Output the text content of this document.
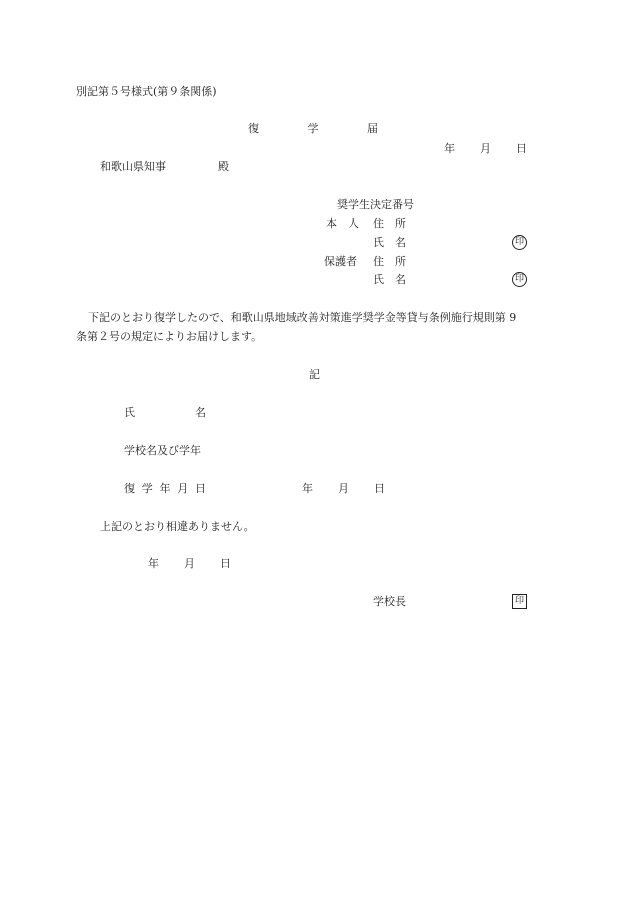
別記第５号様式(第９条関係)
復	学	届
年 月 日
和歌山県知事	殿
奨学生決定番号
本　人 住　所
氏　名	印
保護者 住　所
氏　名	印
下記のとおり復学したので、和歌山県地域改善対策進学奨学金等貸与条例施行規則第 9
条第２号の規定によりお届けします。
記
氏	名
学校名及び学年
復 学 年 月 日	年 月 日
上記のとおり相違ありません。
年 月 日
学校長	印
